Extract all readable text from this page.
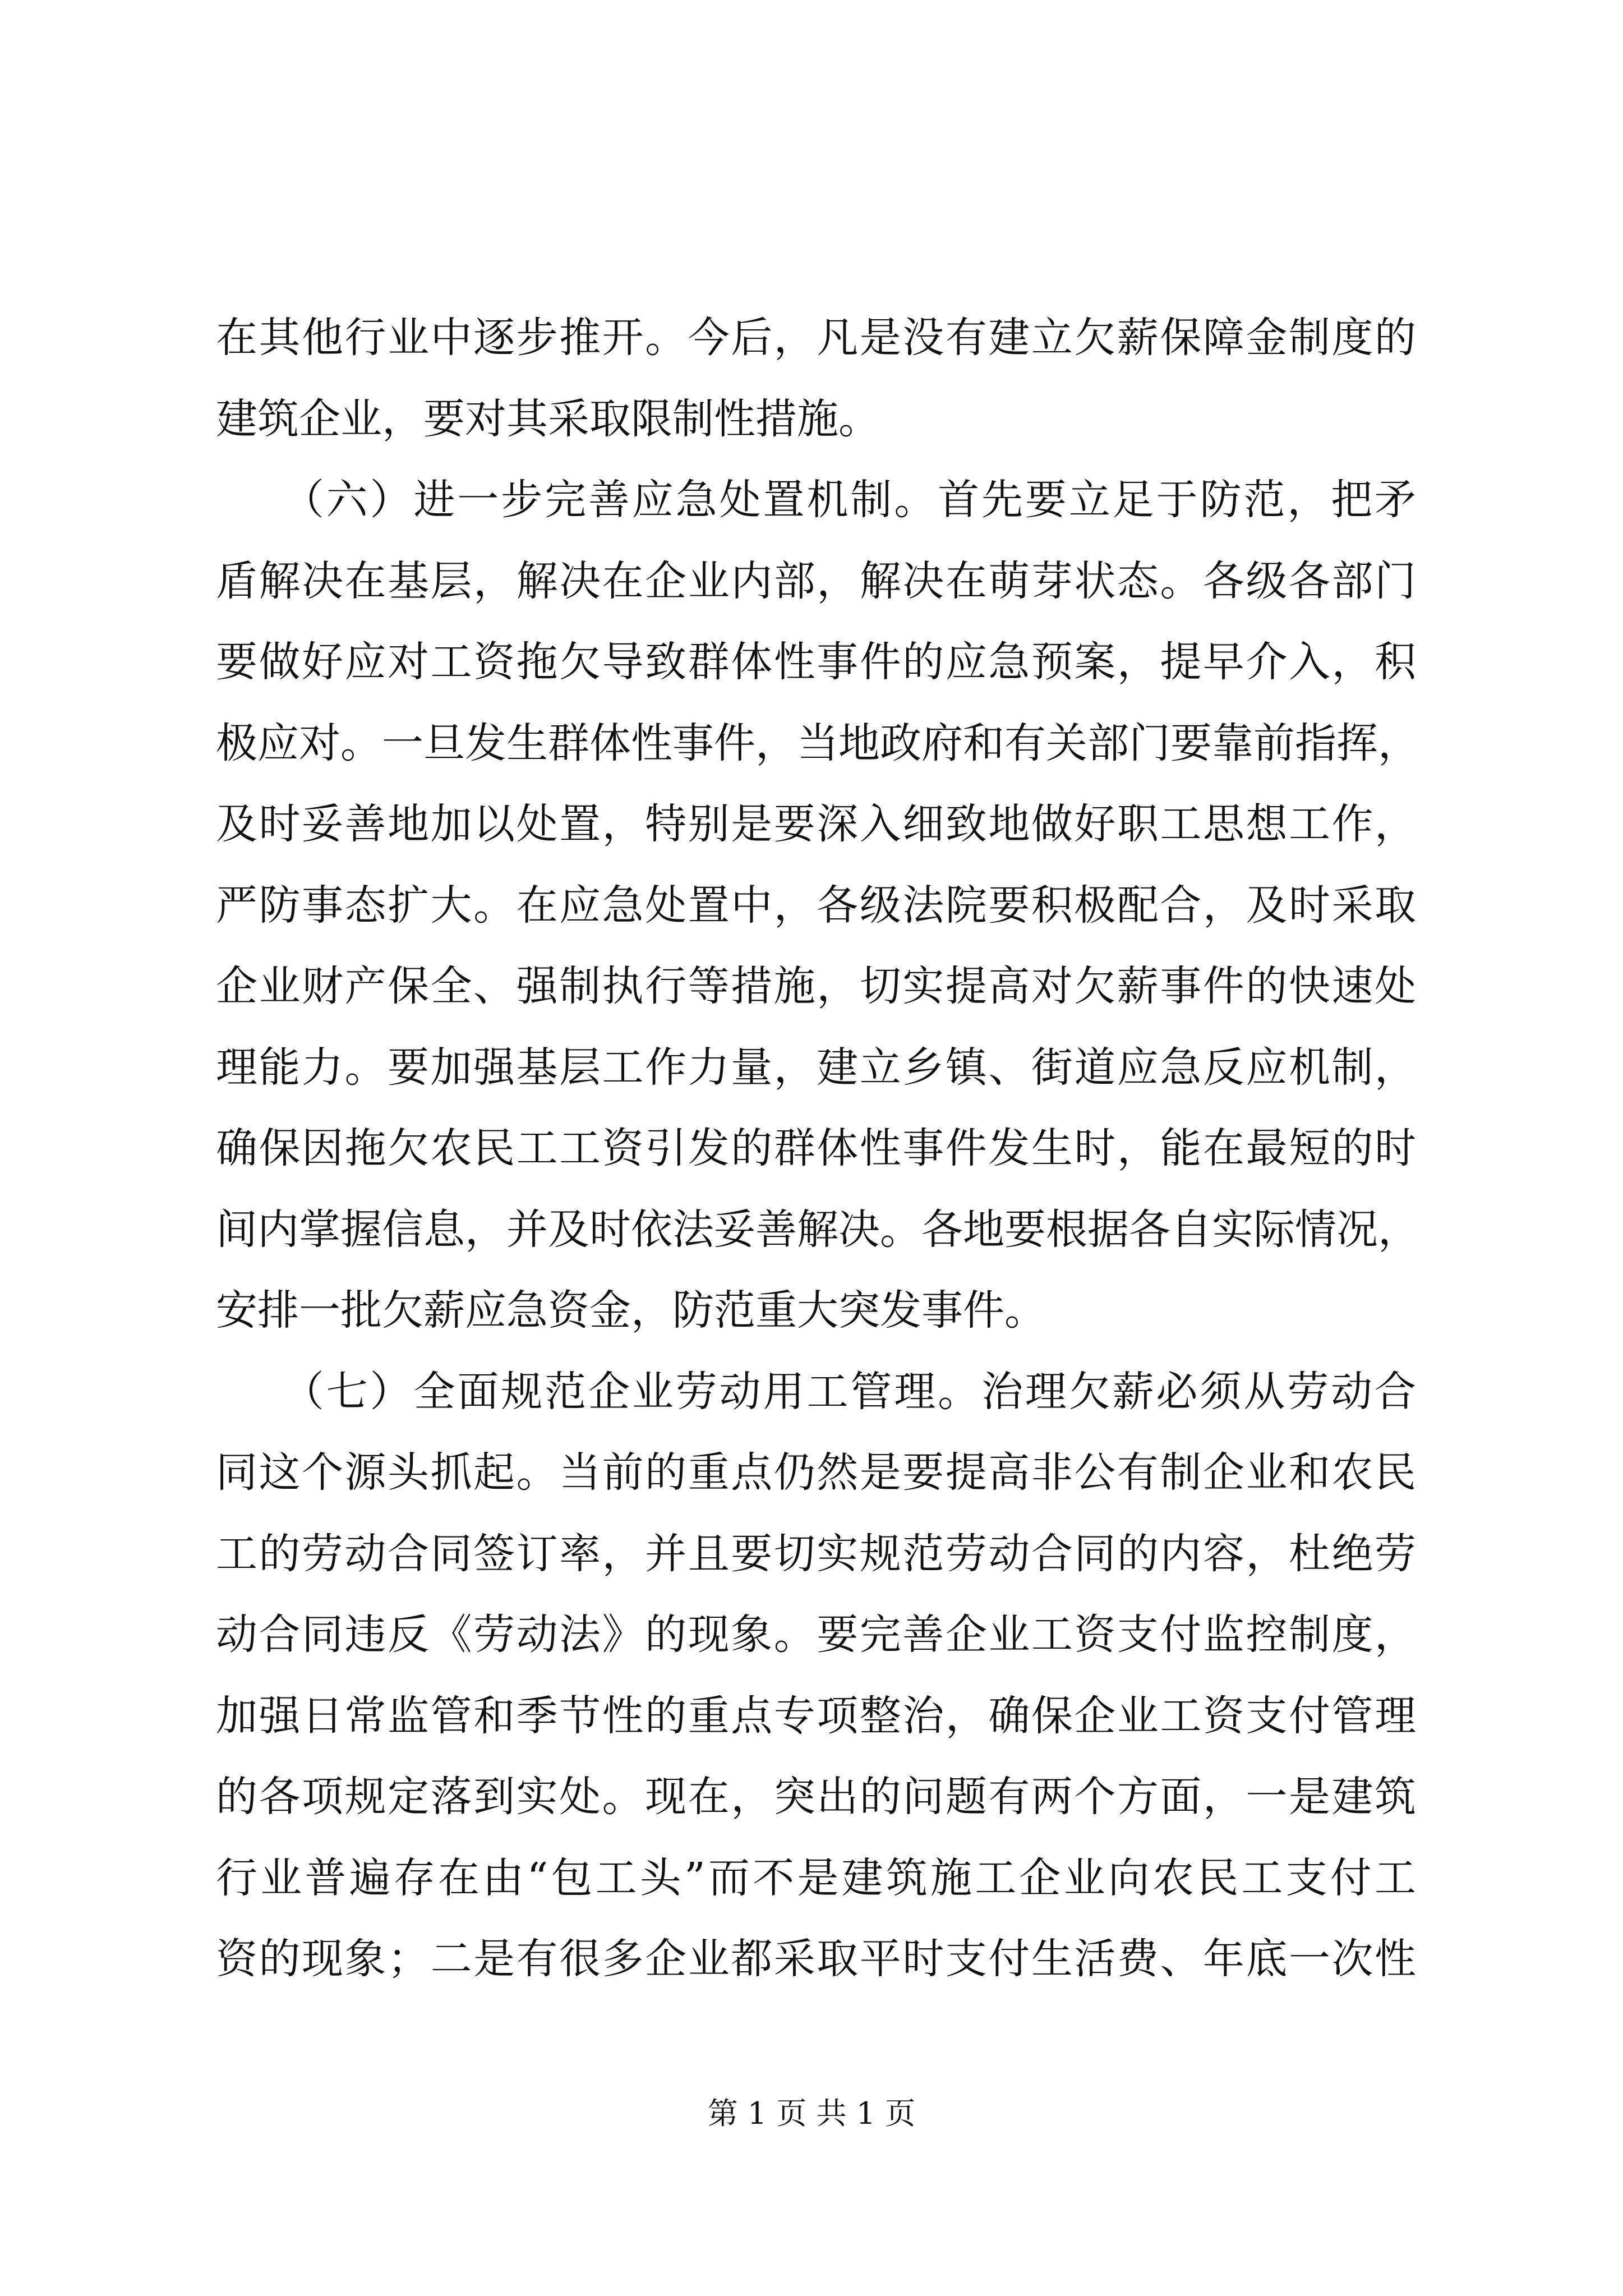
在其他行业中逐步推开。今后，凡是没有建立欠薪保障金制度的
建筑企业，要对其采取限制性措施。
　　（六）进一步完善应急处置机制。首先要立足于防范，把矛
盾解决在基层，解决在企业内部，解决在萌芽状态。各级各部门
要做好应对工资拖欠导致群体性事件的应急预案，提早介入，积
极应对。一旦发生群体性事件，当地政府和有关部门要靠前指挥，
及时妥善地加以处置，特别是要深入细致地做好职工思想工作，
严防事态扩大。在应急处置中，各级法院要积极配合，及时采取
企业财产保全、强制执行等措施，切实提高对欠薪事件的快速处
理能力。要加强基层工作力量，建立乡镇、街道应急反应机制，
确保因拖欠农民工工资引发的群体性事件发生时，能在最短的时
间内掌握信息，并及时依法妥善解决。各地要根据各自实际情况，
安排一批欠薪应急资金，防范重大突发事件。
　　（七）全面规范企业劳动用工管理。治理欠薪必须从劳动合
同这个源头抓起。当前的重点仍然是要提高非公有制企业和农民
工的劳动合同签订率，并且要切实规范劳动合同的内容，杜绝劳
动合同违反《劳动法》的现象。要完善企业工资支付监控制度，
加强日常监管和季节性的重点专项整治，确保企业工资支付管理
的各项规定落到实处。现在，突出的问题有两个方面，一是建筑
行业普遍存在由“包工头”而不是建筑施工企业向农民工支付工
资的现象；二是有很多企业都采取平时支付生活费、年底一次性
第 1 页 共 1 页
